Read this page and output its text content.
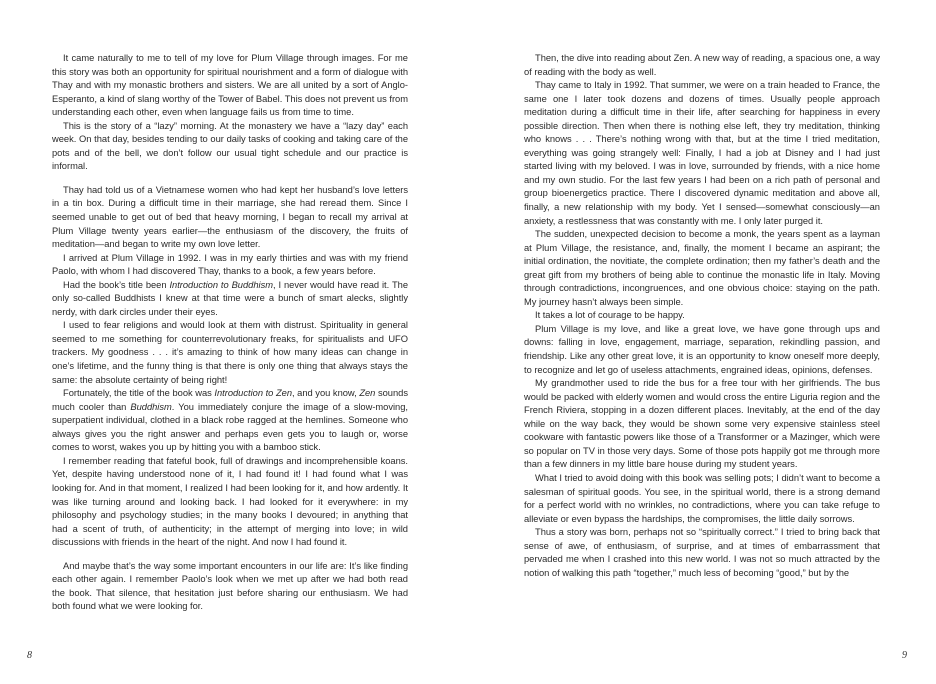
It came naturally to me to tell of my love for Plum Village through images. For me this story was both an opportunity for spiritual nourishment and a form of dialogue with Thay and with my monastic brothers and sisters. We are all united by a sort of Anglo-Esperanto, a kind of slang worthy of the Tower of Babel. This does not prevent us from understanding each other, even when language fails us from time to time.

This is the story of a “lazy” morning. At the monastery we have a “lazy day” each week. On that day, besides tending to our daily tasks of cooking and taking care of the pots and of the bell, we don’t follow our usual tight schedule and our practice is informal.

Thay had told us of a Vietnamese women who had kept her husband’s love letters in a tin box. During a difficult time in their marriage, she had reread them. Since I seemed unable to get out of bed that heavy morning, I began to recall my arrival at Plum Village twenty years earlier—the enthusiasm of the discovery, the fruits of meditation—and began to write my own love letter.

I arrived at Plum Village in 1992. I was in my early thirties and was with my friend Paolo, with whom I had discovered Thay, thanks to a book, a few years before.

Had the book’s title been Introduction to Buddhism, I never would have read it. The only so-called Buddhists I knew at that time were a bunch of smart alecks, slightly nerdy, with dark circles under their eyes.

I used to fear religions and would look at them with distrust. Spirituality in general seemed to me something for counterrevolutionary freaks, for spiritualists and UFO trackers. My goodness . . . it’s amazing to think of how many ideas can change in one’s lifetime, and the funny thing is that there is only one thing that always stays the same: the absolute certainty of being right!

Fortunately, the title of the book was Introduction to Zen, and you know, Zen sounds much cooler than Buddhism. You immediately conjure the image of a slow-moving, superpatient individual, clothed in a black robe ragged at the hemlines. Someone who always gives you the right answer and perhaps even gets you to laugh or, worse comes to worst, wakes you up by hitting you with a bamboo stick.

I remember reading that fateful book, full of drawings and incomprehensible koans. Yet, despite having understood none of it, I had found it! I had found what I was looking for. And in that moment, I realized I had been looking for it, and how ardently. It was like turning around and looking back. I had looked for it everywhere: in my philosophy and psychology studies; in the many books I devoured; in anything that had a scent of truth, of authenticity; in the attempt of merging into love; in wild discussions with friends in the heart of the night. And now I had found it.

And maybe that’s the way some important encounters in our life are: It’s like finding each other again. I remember Paolo’s look when we met up after we had both read the book. That silence, that hesitation just before sharing our enthusiasm. We had both found what we were looking for.

Then, the dive into reading about Zen. A new way of reading, a spacious one, a way of reading with the body as well.

Thay came to Italy in 1992. That summer, we were on a train headed to France, the same one I later took dozens and dozens of times. Usually people approach meditation during a difficult time in their life, after searching for happiness in every possible direction. Then when there is nothing else left, they try meditation, thinking who knows . . . There’s nothing wrong with that, but at the time I tried meditation, everything was going strangely well: Finally, I had a job at Disney and I had just started living with my beloved. I was in love, surrounded by friends, with a nice home and my own studio. For the last few years I had been on a rich path of personal and group bioenergetics practice. There I discovered dynamic meditation and above all, finally, a new relationship with my body. Yet I sensed—somewhat consciously—an anxiety, a restlessness that was constantly with me. I only later purged it.

The sudden, unexpected decision to become a monk, the years spent as a layman at Plum Village, the resistance, and, finally, the moment I became an aspirant; the initial ordination, the novitiate, the complete ordination; then my father’s death and the great gift from my brothers of being able to continue the monastic life in Italy. Moving through contradictions, incongruences, and one obvious choice: staying on the path. My journey hasn’t always been simple.

It takes a lot of courage to be happy.

Plum Village is my love, and like a great love, we have gone through ups and downs: falling in love, engagement, marriage, separation, rekindling passion, and friendship. Like any other great love, it is an opportunity to know oneself more deeply, to recognize and let go of useless attachments, engrained ideas, opinions, defenses.

My grandmother used to ride the bus for a free tour with her girlfriends. The bus would be packed with elderly women and would cross the entire Liguria region and the French Riviera, stopping in a dozen different places. Inevitably, at the end of the day while on the way back, they would be shown some very expensive stainless steel cookware with fantastic powers like those of a Transformer or a Mazinger, which were so popular on TV in those very days. Some of those pots happily got me through more than a few dinners in my little bare house during my student years.

What I tried to avoid doing with this book was selling pots; I didn’t want to become a salesman of spiritual goods. You see, in the spiritual world, there is a strong demand for a perfect world with no wrinkles, no contradictions, where you can take refuge to alleviate or even bypass the hardships, the compromises, the little daily sorrows.

Thus a story was born, perhaps not so “spiritually correct.” I tried to bring back that sense of awe, of enthusiasm, of surprise, and at times of embarrassment that pervaded me when I crashed into this new world. I was not so much attracted by the notion of walking this path “together,” much less of becoming “good,” but by the

8	9
